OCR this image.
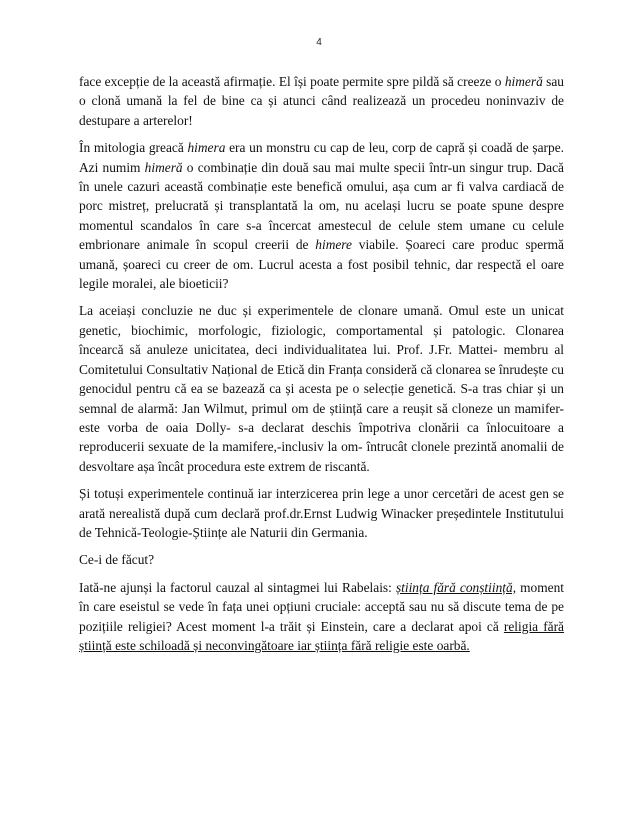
4

face excepție de la această afirmație. El își poate permite spre pildă să creeze o himeră sau o clonă umană la fel de bine ca și atunci când realizează un procedeu noninvaziv de destupare a arterelor!

În mitologia greacă himera era un monstru cu cap de leu, corp de capră și coadă de șarpe. Azi numim himeră o combinație din două sau mai multe specii într-un singur trup. Dacă în unele cazuri această combinație este benefică omului, așa cum ar fi valva cardiacă de porc mistreț, prelucrată și transplantată la om, nu același lucru se poate spune despre momentul scandalos în care s-a încercat amestecul de celule stem umane cu celule embrionare animale în scopul creerii de himere viabile. Șoareci care produc spermă umană, șoareci cu creer de om. Lucrul acesta a fost posibil tehnic, dar respectă el oare legile moralei, ale bioeticii?

La aceiași concluzie ne duc și experimentele de clonare umană. Omul este un unicat genetic, biochimic, morfologic, fiziologic, comportamental și patologic. Clonarea încearcă să anuleze unicitatea, deci individualitatea lui. Prof. J.Fr. Mattei- membru al Comitetului Consultativ Național de Etică din Franța consideră că clonarea se înrudește cu genocidul pentru că ea se bazează ca și acesta pe o selecție genetică. S-a tras chiar și un semnal de alarmă: Jan Wilmut, primul om de știință care a reușit să cloneze un mamifer-este vorba de oaia Dolly- s-a declarat deschis împotriva clonării ca înlocuitoare a reproducerii sexuate de la mamifere,-inclusiv la om- întrucât clonele prezintă anomalii de desvoltare așa încât procedura este extrem de riscantă.

Și totuși experimentele continuă iar interzicerea prin lege a unor cercetări de acest gen se arată nerealistă după cum declară prof.dr.Ernst Ludwig Winacker președintele Institutului de Tehnică-Teologie-Științe ale Naturii din Germania.

Ce-i de făcut?

Iată-ne ajunși la factorul cauzal al sintagmei lui Rabelais: știința fără conștiință, moment în care eseistul se vede în fața unei opțiuni cruciale: acceptă sau nu să discute tema de pe pozițiile religiei? Acest moment l-a trăit și Einstein, care a declarat apoi că religia fără știință este schiloadă și neconvingătoare iar știința fără religie este oarbă.
